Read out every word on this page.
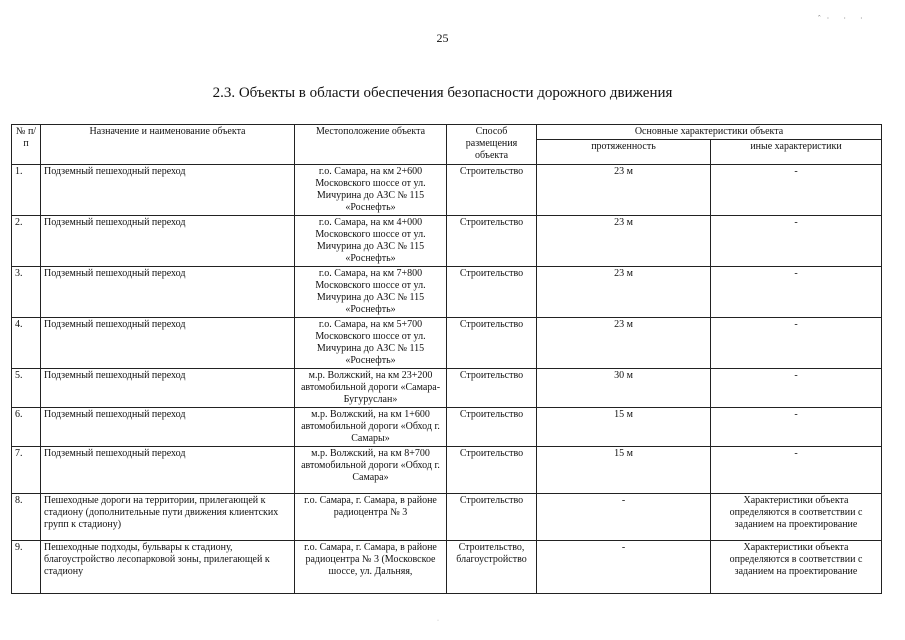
25
ˆ· · ·
2.3. Объекты в области обеспечения безопасности дорожного движения
№ п/п	Назначение и наименование объекта	Местоположение объекта	Способ размещения объекта	Основные характеристики объекта	
				протяженность	иные характеристики
1.	Подземный пешеходный переход	г.о. Самара, на км 2+600 Московского шоссе от ул. Мичурина до АЗС № 115 «Роснефть»	Строительство	23 м	-
2.	Подземный пешеходный переход	г.о. Самара, на км 4+000 Московского шоссе от ул. Мичурина до АЗС № 115 «Роснефть»	Строительство	23 м	-
3.	Подземный пешеходный переход	г.о. Самара, на км 7+800 Московского шоссе от ул. Мичурина до АЗС № 115 «Роснефть»	Строительство	23 м	-
4.	Подземный пешеходный переход	г.о. Самара, на км 5+700 Московского шоссе от ул. Мичурина до АЗС № 115 «Роснефть»	Строительство	23 м	-
5.	Подземный пешеходный переход	м.р. Волжский, на км 23+200 автомобильной дороги «Самара-Бугуруслан»	Строительство	30 м	-
6.	Подземный пешеходный переход	м.р. Волжский, на км 1+600 автомобильной дороги «Обход г. Самары»	Строительство	15 м	-
7.	Подземный пешеходный переход	м.р. Волжский, на км 8+700 автомобильной дороги «Обход г. Самара»	Строительство	15 м	-
8.	Пешеходные дороги на территории, прилегающей к стадиону (дополнительные пути движения клиентских групп к стадиону)	г.о. Самара, г. Самара, в районе радиоцентра № 3	Строительство	-	Характеристики объекта определяются в соответствии с заданием на проектирование
9.	Пешеходные подходы, бульвары к стадиону, благоустройство лесопарковой зоны, прилегающей к стадиону	г.о. Самара, г. Самара, в районе радиоцентра № 3 (Московское шоссе, ул. Дальняя,	Строительство, благоустройство	-	Характеристики объекта определяются в соответствии с заданием на проектирование
·
